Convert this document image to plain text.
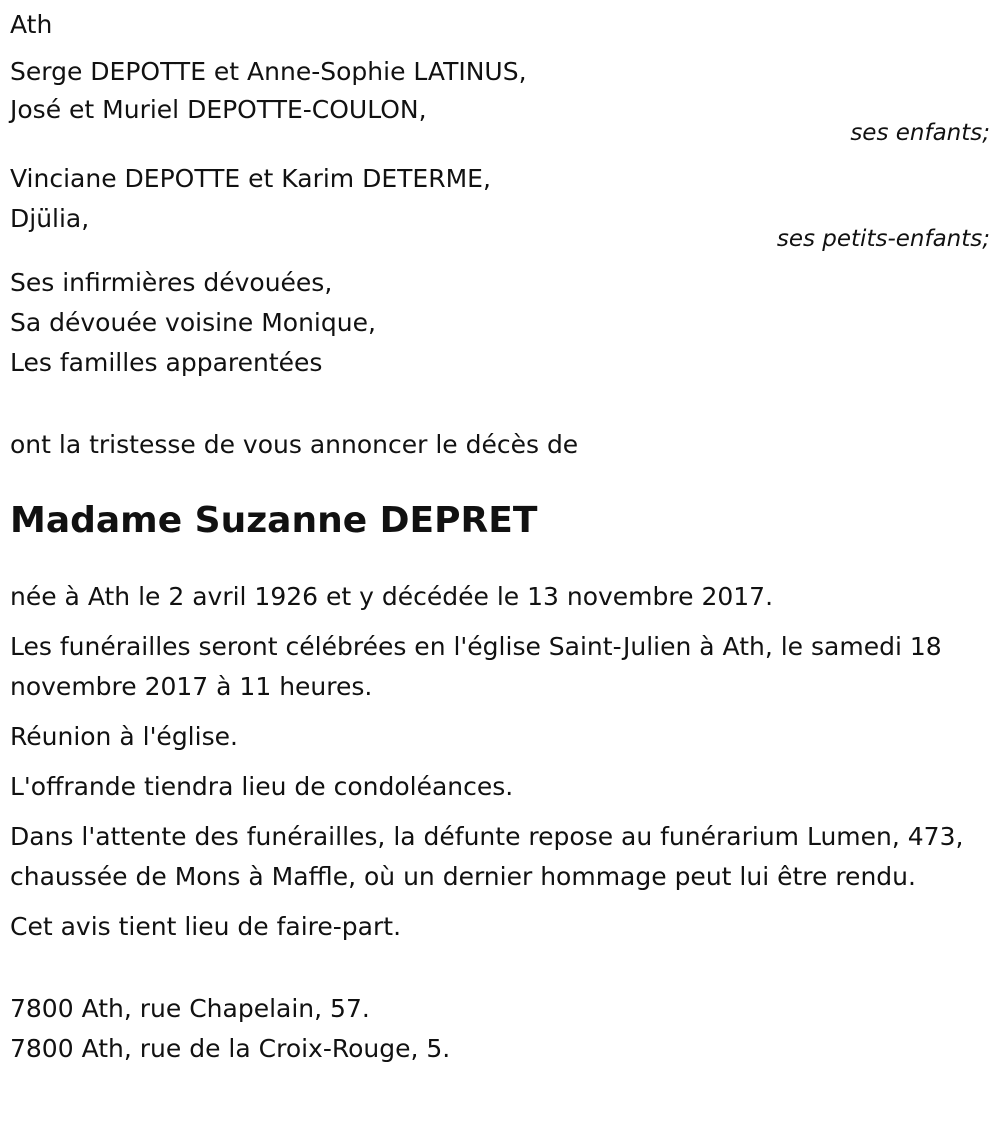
Ath
Serge DEPOTTE et Anne-Sophie LATINUS,
José et Muriel DEPOTTE-COULON,
ses enfants;
Vinciane DEPOTTE et Karim DETERME,
Djülia,
ses petits-enfants;
Ses infirmières dévouées,
Sa dévouée voisine Monique,
Les familles apparentées
ont la tristesse de vous annoncer le décès de
Madame Suzanne DEPRET
née à Ath le 2 avril 1926 et y décédée le 13 novembre 2017.
Les funérailles seront célébrées en l'église Saint-Julien à Ath, le samedi 18 novembre 2017 à 11 heures.
Réunion à l'église.
L'offrande tiendra lieu de condoléances.
Dans l'attente des funérailles, la défunte repose au funérarium Lumen, 473, chaussée de Mons à Maffle, où un dernier hommage peut lui être rendu.
Cet avis tient lieu de faire-part.
7800 Ath, rue Chapelain, 57.
7800 Ath, rue de la Croix-Rouge, 5.
